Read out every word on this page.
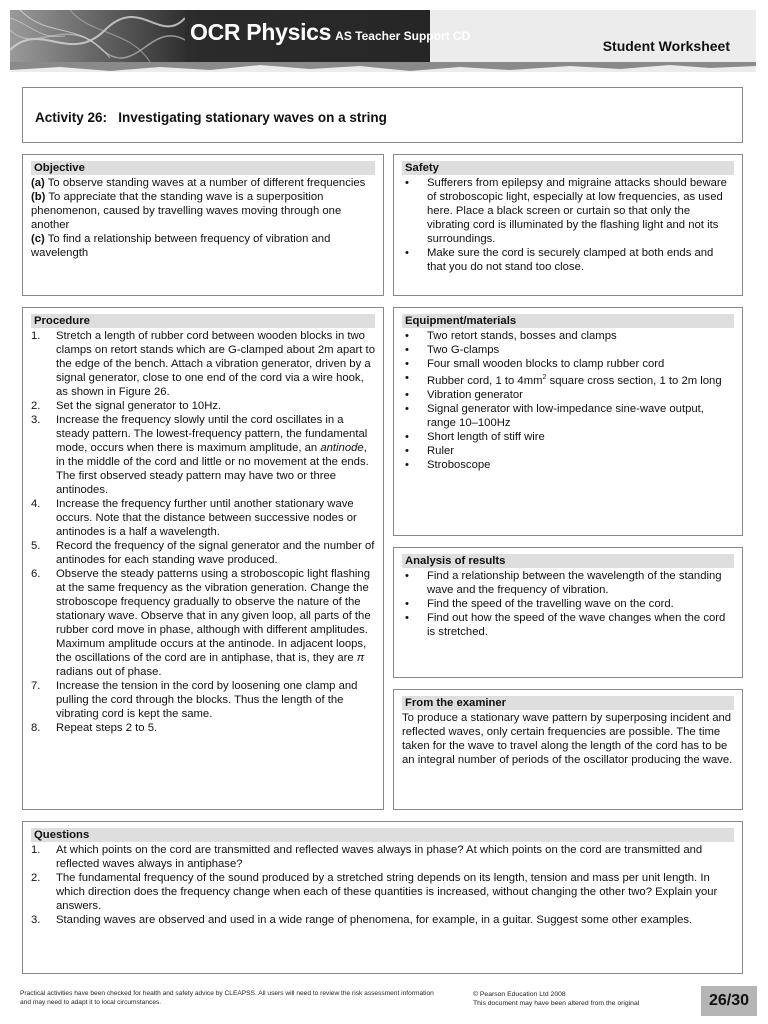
OCR Physics AS Teacher Support CD
Student Worksheet
Activity 26:   Investigating stationary waves on a string
Objective

(a) To observe standing waves at a number of different frequencies

(b) To appreciate that the standing wave is a superposition phenomenon, caused by travelling waves moving through one another

(c) To find a relationship between frequency of vibration and wavelength

Safety
• Sufferers from epilepsy and migraine attacks should beware of stroboscopic light, especially at low frequencies, as used here. Place a black screen or curtain so that only the vibrating cord is illuminated by the flashing light and not its surroundings.
• Make sure the cord is securely clamped at both ends and that you do not stand too close.
Procedure
1. Stretch a length of rubber cord between wooden blocks in two clamps on retort stands which are G-clamped about 2m apart to the edge of the bench. Attach a vibration generator, driven by a signal generator, close to one end of the cord via a wire hook, as shown in Figure 26.
2. Set the signal generator to 10Hz.
3. Increase the frequency slowly until the cord oscillates in a steady pattern. The lowest-frequency pattern, the fundamental mode, occurs when there is maximum amplitude, an antinode, in the middle of the cord and little or no movement at the ends. The first observed steady pattern may have two or three antinodes.
4. Increase the frequency further until another stationary wave occurs. Note that the distance between successive nodes or antinodes is a half a wavelength.
5. Record the frequency of the signal generator and the number of antinodes for each standing wave produced.
6. Observe the steady patterns using a stroboscopic light flashing at the same frequency as the vibration generation. Change the stroboscope frequency gradually to observe the nature of the stationary wave. Observe that in any given loop, all parts of the rubber cord move in phase, although with different amplitudes. Maximum amplitude occurs at the antinode. In adjacent loops, the oscillations of the cord are in antiphase, that is, they are π radians out of phase.
7. Increase the tension in the cord by loosening one clamp and pulling the cord through the blocks. Thus the length of the vibrating cord is kept the same.
8. Repeat steps 2 to 5.
Equipment/materials
• Two retort stands, bosses and clamps
• Two G-clamps
• Four small wooden blocks to clamp rubber cord
• Rubber cord, 1 to $4mm^2$ square cross section, 1 to 2m long
• Vibration generator
• Signal generator with low-impedance sine-wave output, range 10–100Hz
• Short length of stiff wire
• Ruler
• Stroboscope
Analysis of results
• Find a relationship between the wavelength of the standing wave and the frequency of vibration.
• Find the speed of the travelling wave on the cord.
• Find out how the speed of the wave changes when the cord is stretched.
From the examiner

To produce a stationary wave pattern by superposing incident and reflected waves, only certain frequencies are possible. The time taken for the wave to travel along the length of the cord has to be an integral number of periods of the oscillator producing the wave.

Questions
1. At which points on the cord are transmitted and reflected waves always in phase? At which points on the cord are transmitted and reflected waves always in antiphase?
2. The fundamental frequency of the sound produced by a stretched string depends on its length, tension and mass per unit length. In which direction does the frequency change when each of these quantities is increased, without changing the other two? Explain your answers.
3. Standing waves are observed and used in a wide range of phenomena, for example, in a guitar. Suggest some other examples.
Practical activities have been checked for health and safety advice by CLEAPSS. All users will need to review the risk assessment information and may need to adapt it to local circumstances.
© Pearson Education Ltd 2008
This document may have been altered from the original	26/30
